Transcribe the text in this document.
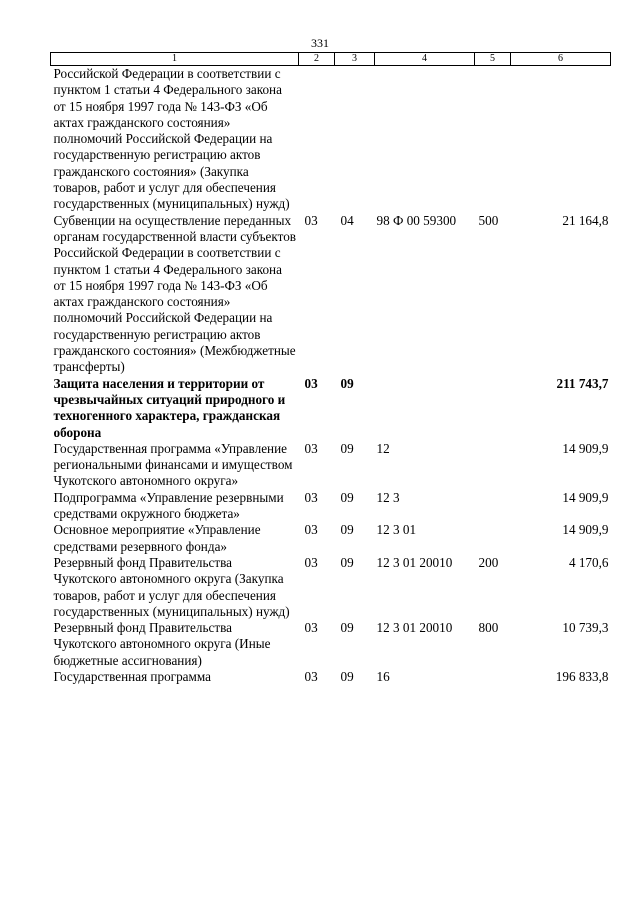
331
1	2	3	4	5	6
Российской Федерации в соответствии с пунктом 1 статьи 4 Федерального закона от 15 ноября 1997 года № 143-ФЗ «Об актах гражданского состояния» полномочий Российской Федерации на государственную регистрацию актов гражданского состояния» (Закупка товаров, работ и услуг для обеспечения государственных (муниципальных) нужд)					
Субвенции на осуществление переданных органам государственной власти субъектов Российской Федерации в соответствии с пунктом 1 статьи 4 Федерального закона от 15 ноября 1997 года № 143-ФЗ «Об актах гражданского состояния» полномочий Российской Федерации на государственную регистрацию актов гражданского состояния» (Межбюджетные трансферты)	03	04	98 Ф 00 59300	500	21 164,8
Защита населения и территории от чрезвычайных ситуаций природного и техногенного характера, гражданская оборона	03	09			211 743,7
Государственная программа «Управление региональными финансами и имуществом Чукотского автономного округа»	03	09	12		14 909,9
Подпрограмма «Управление резервными средствами окружного бюджета»	03	09	12 3		14 909,9
Основное мероприятие «Управление средствами резервного фонда»	03	09	12 3 01		14 909,9
Резервный фонд Правительства Чукотского автономного округа (Закупка товаров, работ и услуг для обеспечения государственных (муниципальных) нужд)	03	09	12 3 01 20010	200	4 170,6
Резервный фонд Правительства Чукотского автономного округа (Иные бюджетные ассигнования)	03	09	12 3 01 20010	800	10 739,3
Государственная программа	03	09	16		196 833,8
